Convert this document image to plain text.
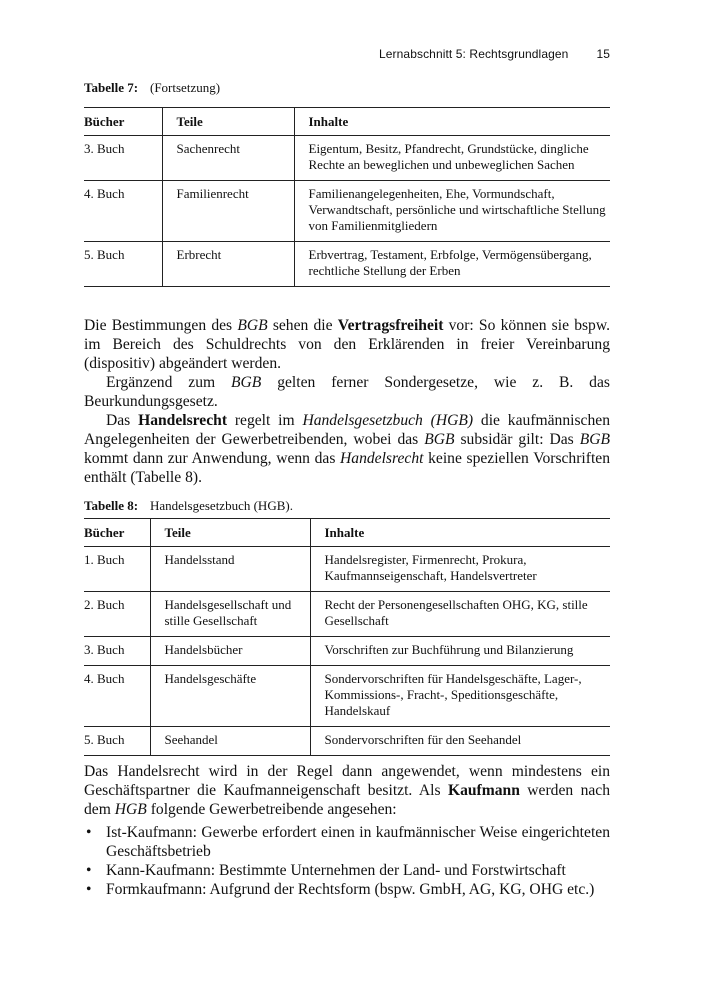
Lernabschnitt 5: Rechtsgrundlagen 15
Tabelle 7: (Fortsetzung)
Bücher	Teile	Inhalte
3. Buch	Sachenrecht	Eigentum, Besitz, Pfandrecht, Grundstücke, dingliche Rechte an beweglichen und unbeweglichen Sachen
4. Buch	Familienrecht	Familienangelegenheiten, Ehe, Vormundschaft, Verwandtschaft, persönliche und wirtschaftliche Stellung von Familienmitgliedern
5. Buch	Erbrecht	Erbvertrag, Testament, Erbfolge, Vermögensübergang, rechtliche Stellung der Erben

Die Bestimmungen des BGB sehen die Vertragsfreiheit vor: So können sie bspw. im Bereich des Schuldrechts von den Erklärenden in freier Vereinbarung (dispositiv) abgeändert werden.

Ergänzend zum BGB gelten ferner Sondergesetze, wie z. B. das Beurkundungsgesetz.

Das Handelsrecht regelt im Handelsgesetzbuch (HGB) die kaufmännischen Angelegenheiten der Gewerbetreibenden, wobei das BGB subsidär gilt: Das BGB kommt dann zur Anwendung, wenn das Handelsrecht keine speziellen Vorschriften enthält (Tabelle 8).

Tabelle 8: Handelsgesetzbuch (HGB).
Bücher	Teile	Inhalte
1. Buch	Handelsstand	Handelsregister, Firmenrecht, Prokura, Kaufmannseigenschaft, Handelsvertreter
2. Buch	Handelsgesellschaft und stille Gesellschaft	Recht der Personengesellschaften OHG, KG, stille Gesellschaft
3. Buch	Handelsbücher	Vorschriften zur Buchführung und Bilanzierung
4. Buch	Handelsgeschäfte	Sondervorschriften für Handelsgeschäfte, Lager-, Kommissions-, Fracht-, Speditionsgeschäfte, Handelskauf
5. Buch	Seehandel	Sondervorschriften für den Seehandel

Das Handelsrecht wird in der Regel dann angewendet, wenn mindestens ein Geschäftspartner die Kaufmanneigenschaft besitzt. Als Kaufmann werden nach dem HGB folgende Gewerbetreibende angesehen:

• Ist-Kaufmann: Gewerbe erfordert einen in kaufmännischer Weise eingerichteten Geschäftsbetrieb
• Kann-Kaufmann: Bestimmte Unternehmen der Land- und Forstwirtschaft
• Formkaufmann: Aufgrund der Rechtsform (bspw. GmbH, AG, KG, OHG etc.)
